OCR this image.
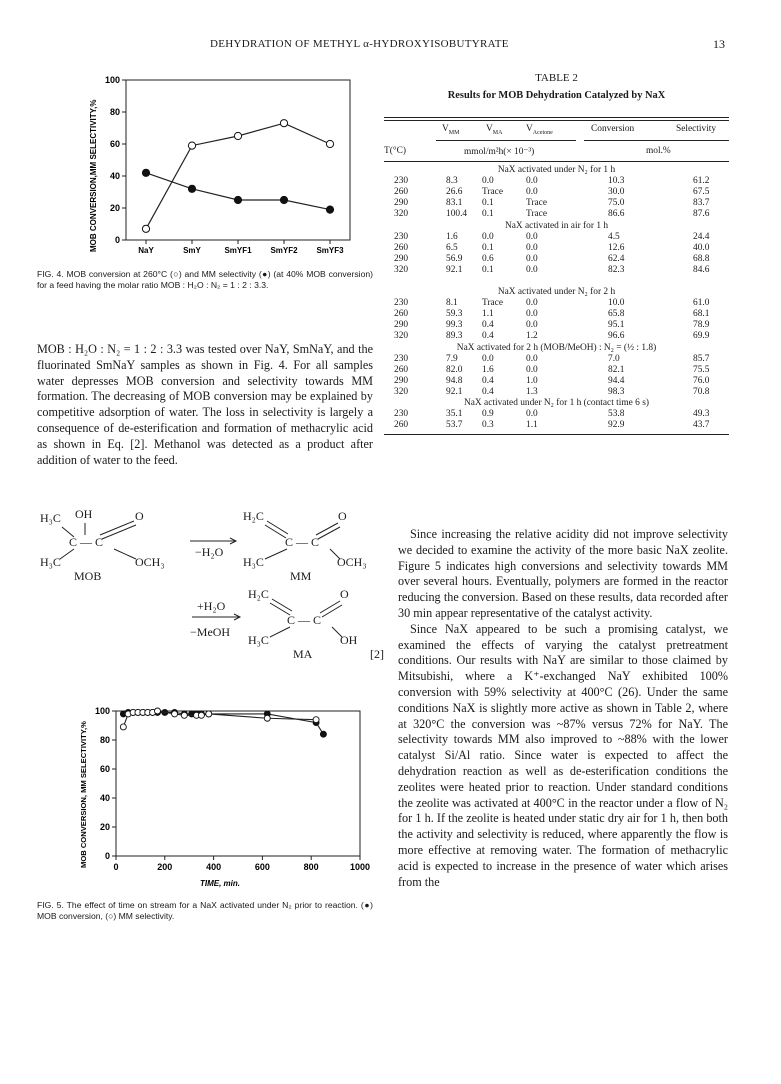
DEHYDRATION OF METHYL α-HYDROXYISOBUTYRATE	13
MOB CONVERSION,MM SELECTIVITY,%
100
80
60
40
20
0
NaY	SmY	SmYF1 SmYF2 SmYF3
FIG. 4. MOB conversion at 260°C (○) and MM selectivity (●) (at 40% MOB conversion) for a feed having the molar ratio MOB : H₂O : N₂ = 1 : 2 : 3.3.

MOB : H₂O : N₂ = 1 : 2 : 3.3 was tested over NaY, SmNaY, and the fluorinated SmNaY samples as shown in Fig. 4. For all samples water depresses MOB conversion and selectivity towards MM formation. The decreasing of MOB conversion may be explained by competitive adsorption of water. The loss in selectivity is largely a consequence of de-esterification and formation of methacrylic acid as shown in Eq. [2]. Methanol was detected as a product after addition of water to the feed.

TABLE 2
Results for MOB Dehydration Catalyzed by NaX
$V_{MM}$	$V_{MA}$	$V_{Acetone}$	Conversion	Selectivity
T(°C)	mmol/m²h(× 10⁻³)	mol.%
NaX activated under N₂ for 1 h
230	8.3	0.0	0.0	10.3	61.2
260	26.6 Trace 0.0	30.0	67.5
290	83.1 0.1	Trace	75.0	83.7
320	100.4 0.1	Trace	86.6	87.6
NaX activated in air for 1 h
230	1.6	0.0	0.0	4.5	24.4
260	6.5	0.1	0.0	12.6	40.0
290	56.9 0.6	0.0	62.4	68.8
320	92.1 0.1	0.0	82.3	84.6
NaX activated under N₂ for 2 h
230	8.1	Trace 0.0	10.0	61.0
260	59.3 1.1	0.0	65.8	68.1
290	99.3 0.4	0.0	95.1	78.9
320	89.3 0.4	1.2	96.6	69.9
NaX activated for 2 h (MOB/MeOH) : N₂ = (½ : 1.8)
230	7.9	0.0	0.0	7.0	85.7
260	82.0 1.6	0.0	82.1	75.5
290	94.8 0.4	1.0	94.4	76.0
320	92.1 0.4	1.3	98.3	70.8
NaX activated under N₂ for 1 h (contact time 6 s)
230	35.1 0.9	0.0	53.8	49.3
260	53.7 0.3	1.1	92.9	43.7
H₃C OH	O
C — C
H₃C	OCH₃
MOB
−H₂O
H₂C	O
C — C
H₃C	OCH₃
MM
H₂C	O
+H₂O
C — C
−MeOH
H₃C	OH
MA	[2]
MOB CONVERSION, MM SELECTIVITY,%
100
80
60
40
20
0
0	200	400	600	800	1000
TIME, min.
FIG. 5. The effect of time on stream for a NaX activated under N₂ prior to reaction. (●) MOB conversion, (○) MM selectivity.

Since increasing the relative acidity did not improve selectivity we decided to examine the activity of the more basic NaX zeolite. Figure 5 indicates high conversions and selectivity towards MM over several hours. Eventually, polymers are formed in the reactor reducing the conversion. Based on these results, data recorded after 30 min appear representative of the catalyst activity.

Since NaX appeared to be such a promising catalyst, we examined the effects of varying the catalyst pretreatment conditions. Our results with NaY are similar to those claimed by Mitsubishi, where a K⁺-exchanged NaY exhibited 100% conversion with 59% selectivity at 400°C (26). Under the same conditions NaX is slightly more active as shown in Table 2, where at 320°C the conversion was ~87% versus 72% for NaY. The selectivity towards MM also improved to ~88% with the lower catalyst Si/Al ratio. Since water is expected to affect the dehydration reaction as well as de-esterification conditions the zeolites were heated prior to reaction. Under standard conditions the zeolite was activated at 400°C in the reactor under a flow of N₂ for 1 h. If the zeolite is heated under static dry air for 1 h, then both the activity and selectivity is reduced, where apparently the flow is more effective at removing water. The formation of methacrylic acid is expected to increase in the presence of water which arises from the
